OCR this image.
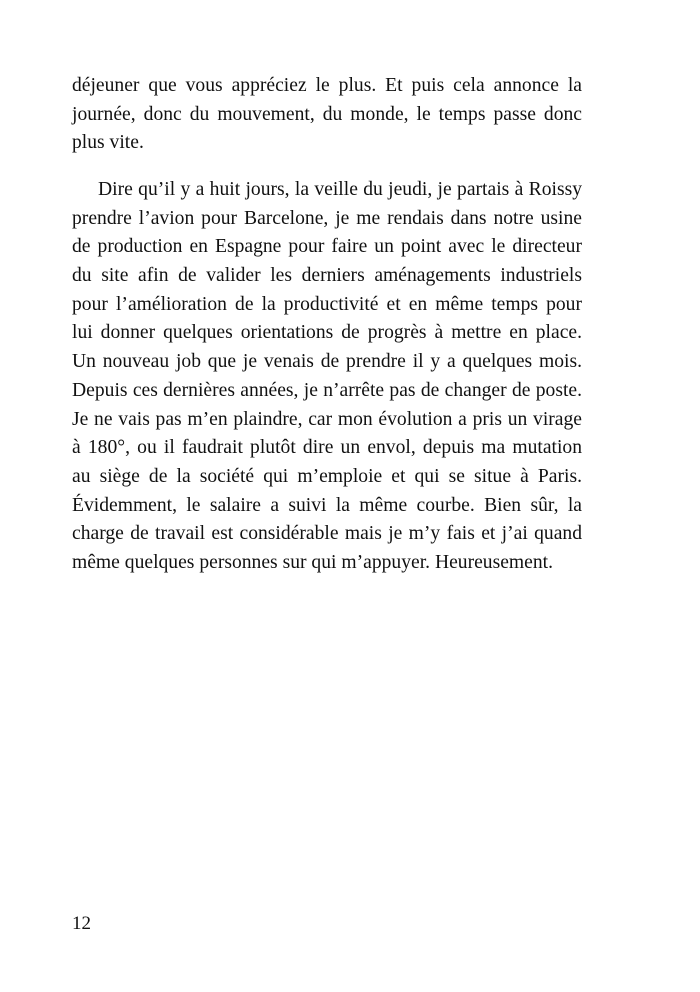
déjeuner que vous appréciez le plus. Et puis cela annonce la
journée, donc du mouvement, du monde, le temps passe donc
plus vite.
Dire qu’il y a huit jours, la veille du jeudi, je partais à Roissy
prendre l’avion pour Barcelone, je me rendais dans notre usine
de production en Espagne pour faire un point avec le directeur
du site afin de valider les derniers aménagements industriels
pour l’amélioration de la productivité et en même temps pour
lui donner quelques orientations de progrès à mettre en place.
Un nouveau job que je venais de prendre il y a quelques mois.
Depuis ces dernières années, je n’arrête pas de changer de poste.
Je ne vais pas m’en plaindre, car mon évolution a pris un virage
à 180°, ou il faudrait plutôt dire un envol, depuis ma mutation
au siège de la société qui m’emploie et qui se situe à Paris.
Évidemment, le salaire a suivi la même courbe. Bien sûr, la
charge de travail est considérable mais je m’y fais et j’ai quand
même quelques personnes sur qui m’appuyer. Heureusement.
12
